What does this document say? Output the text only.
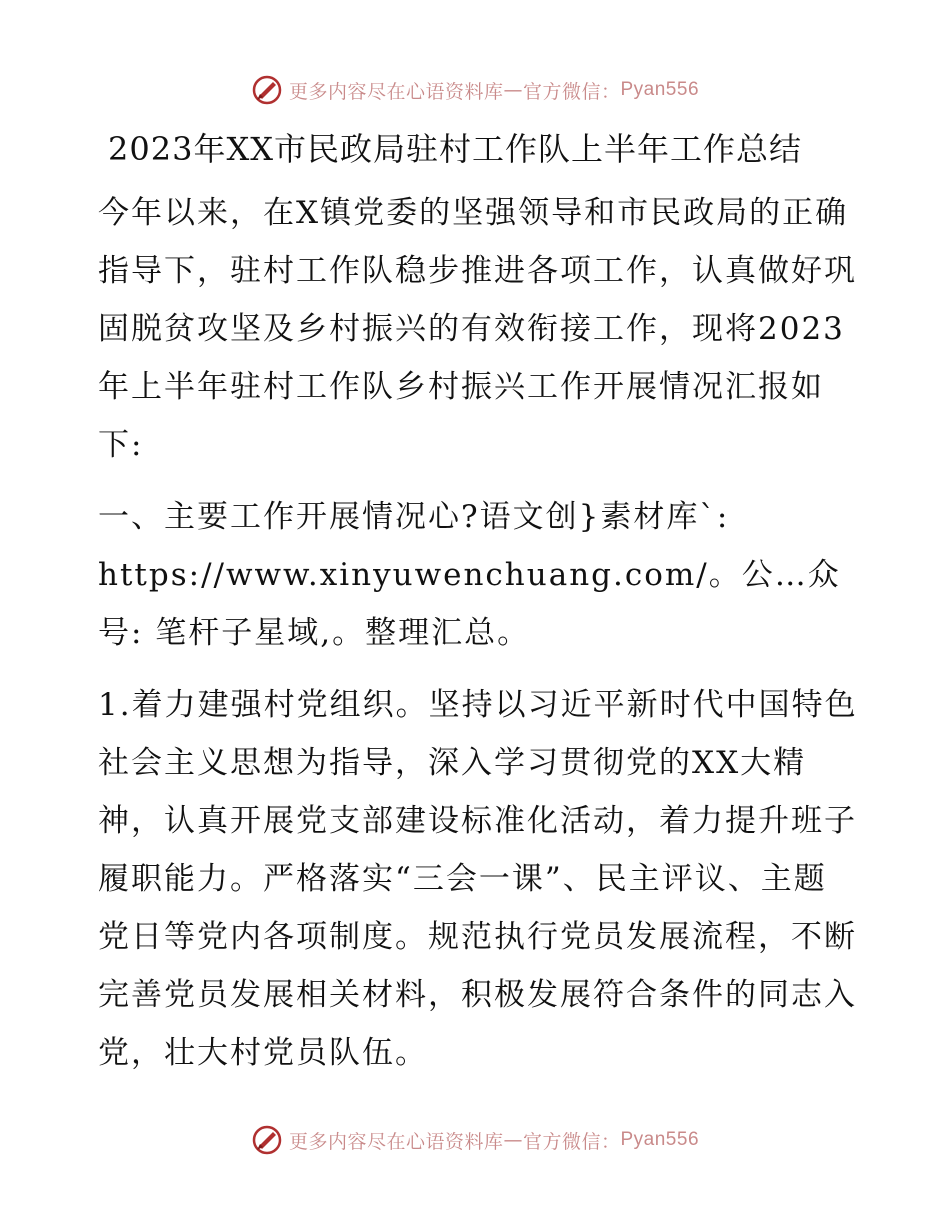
更多内容尽在心语资料库 — 官方微信： Pyan556
2023年XX市民政局驻村工作队上半年工作总结

今年以来，在X镇党委的坚强领导和市民政局的正确指导下，驻村工作队稳步推进各项工作，认真做好巩固脱贫攻坚及乡村振兴的有效衔接工作，现将2023年上半年驻村工作队乡村振兴工作开展情况汇报如下:

一、主要工作开展情况心?语文创}素材库`: https://www.xinyuwenchuang.com/。公…众号: 笔杆子星域,。整理汇总。

1.着力建强村党组织。坚持以习近平新时代中国特色社会主义思想为指导，深入学习贯彻党的XX大精神，认真开展党支部建设标准化活动，着力提升班子履职能力。严格落实“三会一课”、民主评议、主题党日等党内各项制度。规范执行党员发展流程，不断完善党员发展相关材料，积极发展符合条件的同志入党，壮大村党员队伍。

更多内容尽在心语资料库 — 官方微信： Pyan556
